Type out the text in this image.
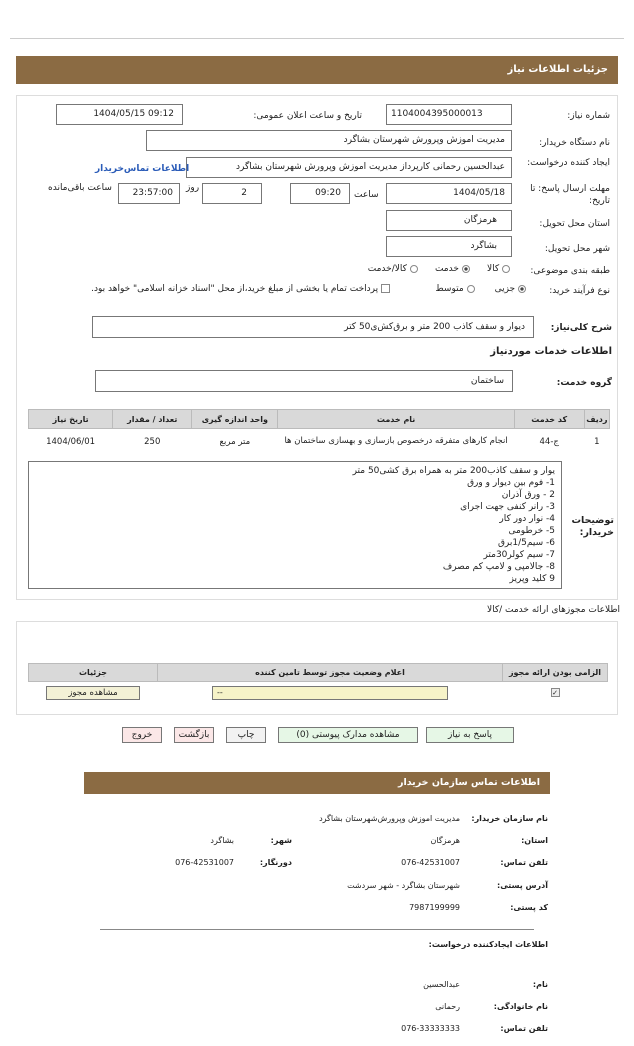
جزئیات اطلاعات نیاز
شماره نیاز:
1104004395000013
تاریخ و ساعت اعلان عمومی:
1404/05/15 09:12
نام دستگاه خریدار:
مدیریت اموزش وپرورش شهرستان بشاگرد
ایجاد کننده درخواست:
عبدالحسین رحمانی کارپرداز مدیریت اموزش وپرورش شهرستان بشاگرد
اطلاعات تماس‌خریدار
مهلت ارسال پاسخ: تا تاریخ:
1404/05/18
ساعت
09:20
2
روز
23:57:00
ساعت باقی‌مانده
استان محل تحویل:
هرمزگان
شهر محل تحویل:
بشاگرد
طبقه بندی موضوعی:
کالا       خدمت       کالا/خدمت
نوع فرآیند خرید:
جزیی        متوسط
پرداخت تمام یا بخشی از مبلغ خرید،از محل "اسناد خزانه اسلامی" خواهد بود.
شرح کلی‌نیاز:
دیوار و سقف کاذب 200 متر و برق‌کش‌ی50 کتر
اطلاعات خدمات موردنیاز
گروه خدمت:
ساختمان
ردیف	کد خدمت	نام خدمت	واحد اندازه گیری	تعداد / مقدار	تاریخ نیاز
1	ج-44	انجام کارهای متفرقه درخصوص بازسازی و بهسازی ساختمان ها	متر مربع	250	1404/06/01
توضیحات خریدار:
یوار و سقف کاذب200 متر به همراه برق کشی50 متر
1- فوم بین دیوار و ورق
2 - ورق آذران
3- رانر کنفی جهت اجرای
4- نوار دور کار
5- خرطومی
6- سیم1/5برق
7- سیم کولر30متر
8- جالامپی و لامپ کم مصرف
9 کلید وپریز
اطلاعات مجوزهای ارائه خدمت /کالا
الزامی بودن ارائه مجوز	اعلام وضعیت مجوز توسط تامین کننده	جزئیات
✓	--	مشاهده مجوز
پاسخ به نیاز
مشاهده مدارک پیوستی (0)
چاپ
بازگشت
خروج
اطلاعات تماس سازمان خریدار
نام سازمان خریدار:
مدیریت اموزش وپرورش‌شهرستان بشاگرد
استان:
هرمزگان
شهر:
بشاگرد
تلفن تماس:
076-42531007
دورنگار:
076-42531007
آدرس پستی:
شهرستان بشاگرد - شهر سردشت
کد پستی:
7987199999
اطلاعات ایجادکننده درخواست:
نام:
عبدالحسین
نام خانوادگی:
رحمانی
تلفن تماس:
076-33333333
